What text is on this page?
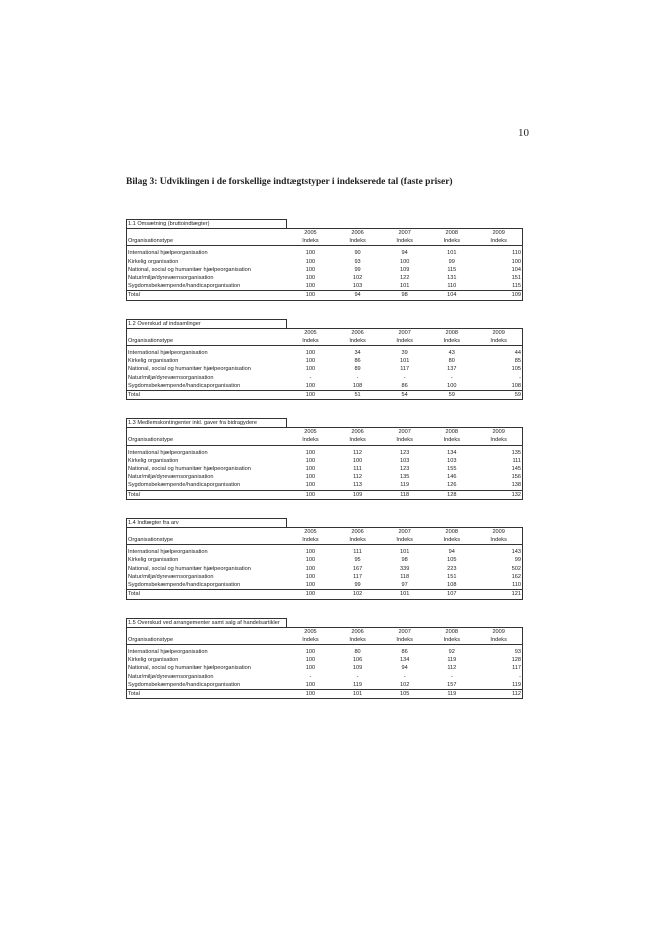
10
Bilag 3: Udviklingen i de forskellige indtægtstyper i indekserede tal (faste priser)
1.1 Omsætning (bruttoindtægter)					
	2005	2006	2007	2008	2009
Organisationstype	Indeks	Indeks	Indeks	Indeks	Indeks

International hjælpeorganisation	100	90	94	101	110
Kirkelig organisation	100	93	100	99	100
National, social og humanitær hjælpeorganisation	100	99	109	115	104
Natur/miljø/dyreværnsorganisation	100	102	122	131	151
Sygdomsbekæmpende/handicaporganisation	100	103	101	110	115
Total	100	94	98	104	109
1.2 Overskud af indsamlinger					
	2005	2006	2007	2008	2009
Organisationstype	Indeks	Indeks	Indeks	Indeks	Indeks

International hjælpeorganisation	100	34	39	43	44
Kirkelig organisation	100	86	101	80	85
National, social og humanitær hjælpeorganisation	100	89	117	137	105
Natur/miljø/dyreværnsorganisation	-	-	-	-	-
Sygdomsbekæmpende/handicaporganisation	100	108	86	100	108
Total	100	51	54	59	59
1.3 Medlemskontingenter inkl. gaver fra bidragydere					
	2005	2006	2007	2008	2009
Organisationstype	Indeks	Indeks	Indeks	Indeks	Indeks

International hjælpeorganisation	100	112	123	134	135
Kirkelig organisation	100	100	103	103	111
National, social og humanitær hjælpeorganisation	100	111	123	155	145
Natur/miljø/dyreværnsorganisation	100	112	135	146	156
Sygdomsbekæmpende/handicaporganisation	100	113	119	126	138
Total	100	109	118	128	132
1.4 Indtægter fra arv					
	2005	2006	2007	2008	2009
Organisationstype	Indeks	Indeks	Indeks	Indeks	Indeks

International hjælpeorganisation	100	111	101	94	143
Kirkelig organisation	100	95	98	105	99
National, social og humanitær hjælpeorganisation	100	167	339	223	502
Natur/miljø/dyreværnsorganisation	100	117	118	151	162
Sygdomsbekæmpende/handicaporganisation	100	99	97	108	110
Total	100	102	101	107	121
1.5 Overskud ved arrangementer samt salg af handelsartikler					
	2005	2006	2007	2008	2009
Organisationstype	Indeks	Indeks	Indeks	Indeks	Indeks

International hjælpeorganisation	100	80	86	92	93
Kirkelig organisation	100	106	134	119	128
National, social og humanitær hjælpeorganisation	100	109	94	112	117
Natur/miljø/dyreværnsorganisation	-	-	-	-	-
Sygdomsbekæmpende/handicaporganisation	100	119	102	157	119
Total	100	101	105	119	112
